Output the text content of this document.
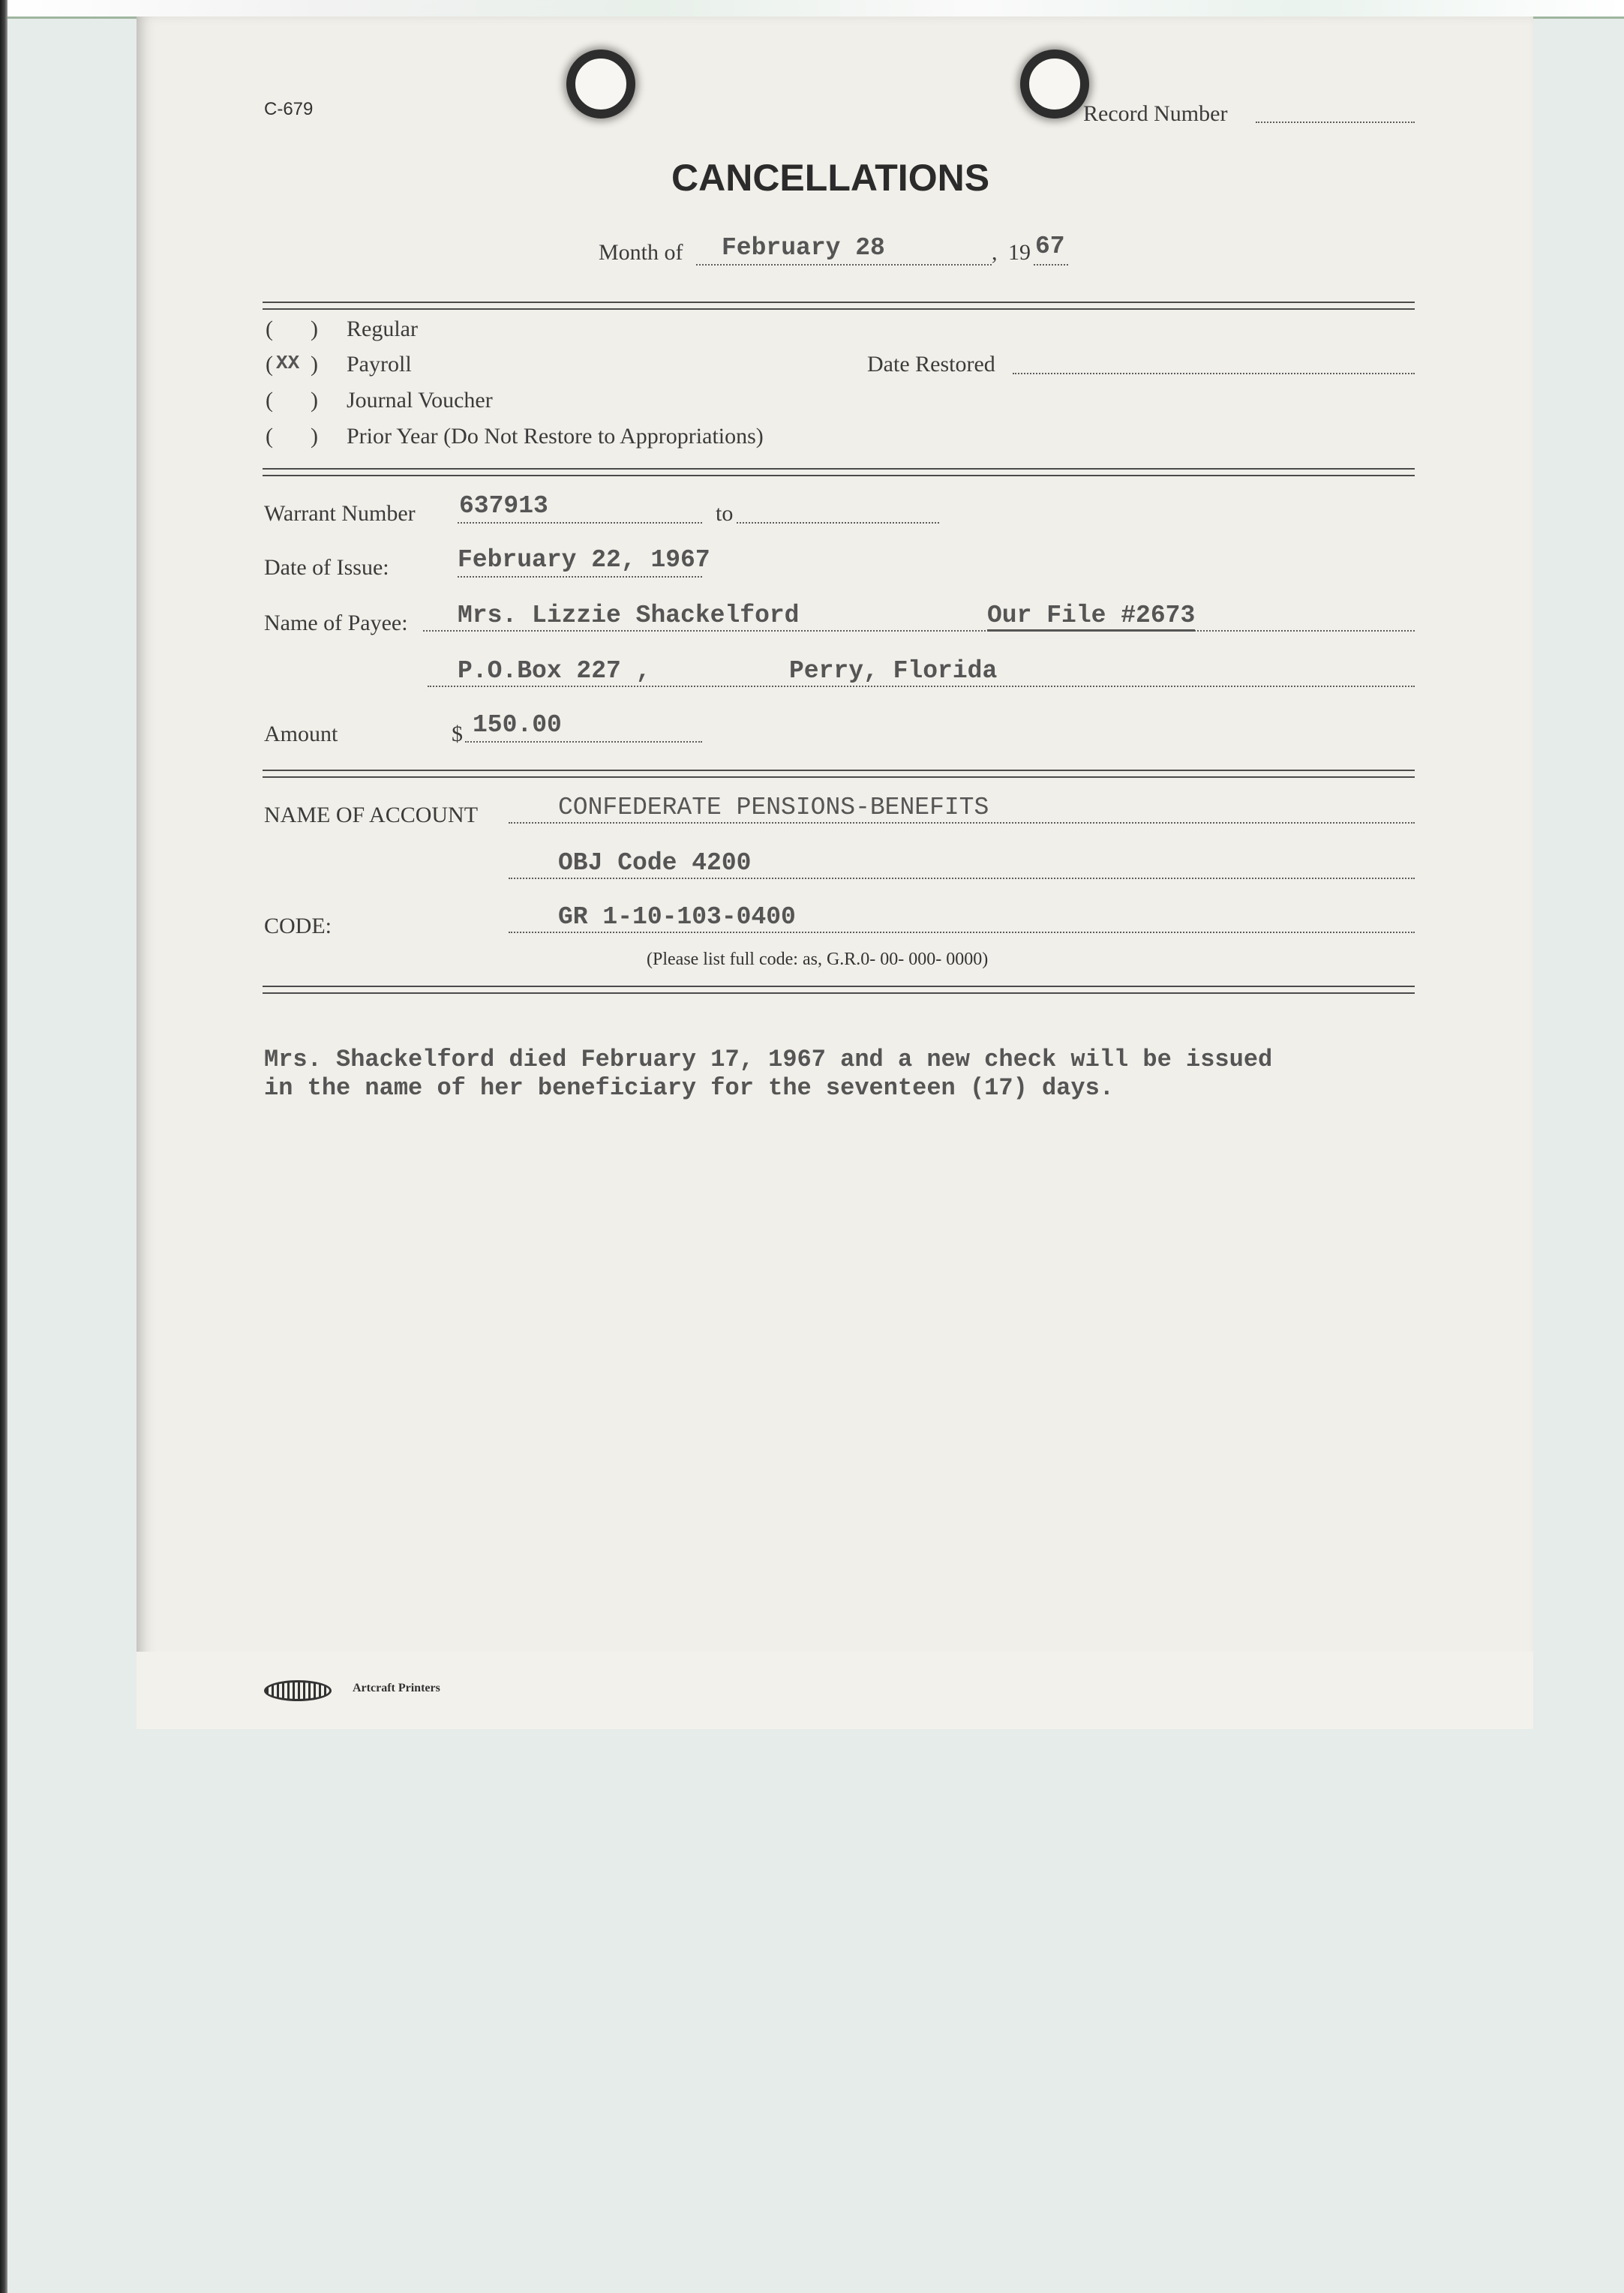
C-679	Record Number
CANCELLATIONS
Month of February 28	, 19 67
( ) Regular
( XX ) Payroll
( ) Journal Voucher
( ) Prior Year (Do Not Restore to Appropriations)
Date Restored
Warrant Number 637913	to
Date of Issue:	February 22, 1967
Name of Payee: Mrs. Lizzie Shackelford	Our File #2673
P.O.Box 227 ,	Perry, Florida
Amount	$ 150.00
NAME OF ACCOUNT	CONFEDERATE PENSIONS-BENEFITS
OBJ Code 4200
CODE:	GR 1-10-103-0400
(Please list full code: as, G.R.0- 00- 000- 0000)
Mrs. Shackelford died February 17, 1967 and a new check will be issued
in the name of her beneficiary for the seventeen (17) days.
Artcraft Printers
